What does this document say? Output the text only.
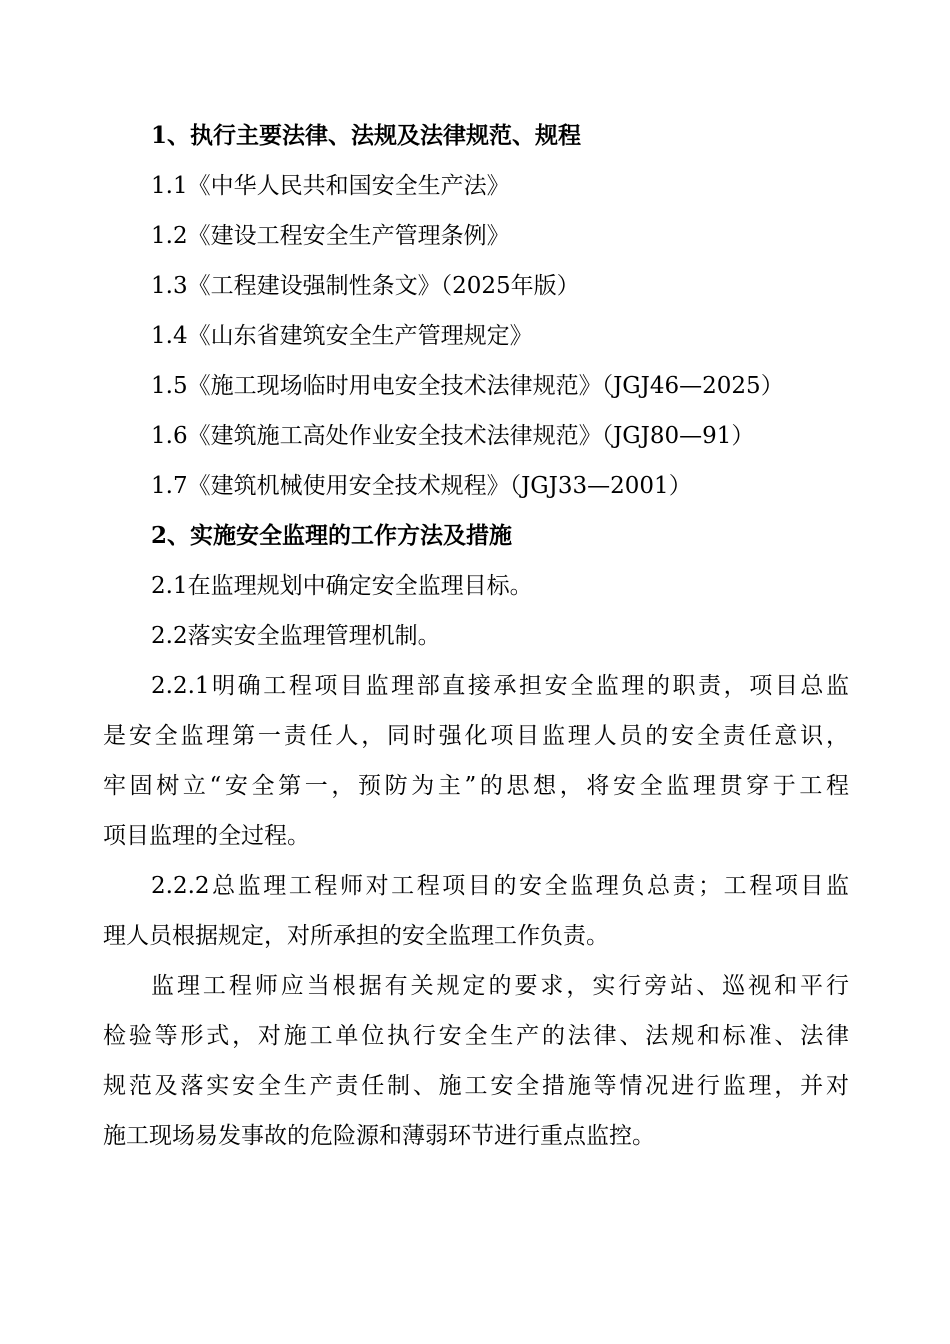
1、执行主要法律、法规及法律规范、规程
1.1《中华人民共和国安全生产法》
1.2《建设工程安全生产管理条例》
1.3《工程建设强制性条文》（2025年版）
1.4《山东省建筑安全生产管理规定》
1.5《施工现场临时用电安全技术法律规范》（JGJ46—2025）
1.6《建筑施工高处作业安全技术法律规范》（JGJ80—91）
1.7《建筑机械使用安全技术规程》（JGJ33—2001）
2、实施安全监理的工作方法及措施
2.1在监理规划中确定安全监理目标。
2.2落实安全监理管理机制。
2.2.1明确工程项目监理部直接承担安全监理的职责，项目总监
是安全监理第一责任人，同时强化项目监理人员的安全责任意识，
牢固树立“安全第一，预防为主”的思想，将安全监理贯穿于工程
项目监理的全过程。
2.2.2总监理工程师对工程项目的安全监理负总责；工程项目监
理人员根据规定，对所承担的安全监理工作负责。
监理工程师应当根据有关规定的要求，实行旁站、巡视和平行
检验等形式，对施工单位执行安全生产的法律、法规和标准、法律
规范及落实安全生产责任制、施工安全措施等情况进行监理，并对
施工现场易发事故的危险源和薄弱环节进行重点监控。
